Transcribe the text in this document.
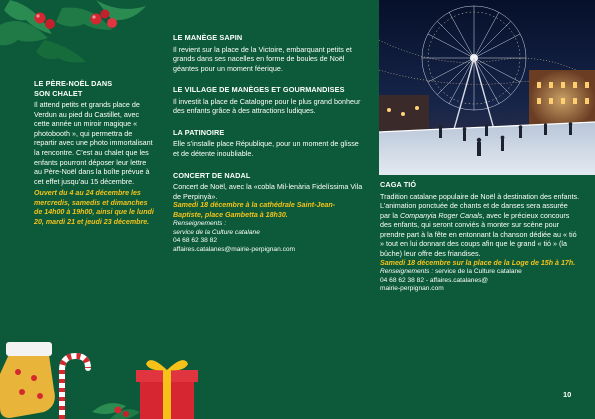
LE PÈRE-NOËL DANS
SON CHALET

Il attend petits et grands place de Verdun au pied du Castillet, avec cette année un miroir magique « photobooth », qui permettra de repartir avec une photo immortalisant la rencontre. C’est au chalet que les enfants pourront déposer leur lettre au Père-Noël dans la boîte prévue à cet effet jusqu’au 15 décembre.

Ouvert du 4 au 24 décembre les mercredis, samedis et dimanches de 14h00 à 19h00, ainsi que le lundi 20, mardi 21 et jeudi 23 décembre.

LE MANÈGE SAPIN

Il revient sur la place de la Victoire, embarquant petits et grands dans ses nacelles en forme de boules de Noël géantes pour un moment féerique.

LE VILLAGE DE MANÈGES ET GOURMANDISES

Il investit la place de Catalogne pour le plus grand bonheur des enfants grâce à des attractions ludiques.

LA PATINOIRE

Elle s’installe place République, pour un moment de glisse et de détente inoubliable.

CONCERT DE NADAL

Concert de Noël, avec la «cobla Mil-lenària Fidelíssima Vila de Perpinyà».

Samedi 18 décembre à la cathédrale Saint-Jean-Baptiste, place Gambetta à 18h30.

Renseignements :
service de la Culture catalane
04 68 62 38 82
affaires.catalanes@mairie-perpignan.com

CAGA TIÓ

Tradition catalane populaire de Noël à destination des enfants. L’animation ponctuée de chants et de danses sera assurée par la Companyia Roger Canals, avec le précieux concours des enfants, qui seront conviés à monter sur scène pour prendre part à la fête en entonnant la chanson dédiée au « tió » tout en lui donnant des coups afin que le grand « tió » (la bûche) leur offre des friandises.

Samedi 18 décembre sur la place de la Loge de 15h à 17h.

Renseignements : service de la Culture catalane
04 68 62 38 82 - affaires.catalanes@
mairie-perpignan.com

10
